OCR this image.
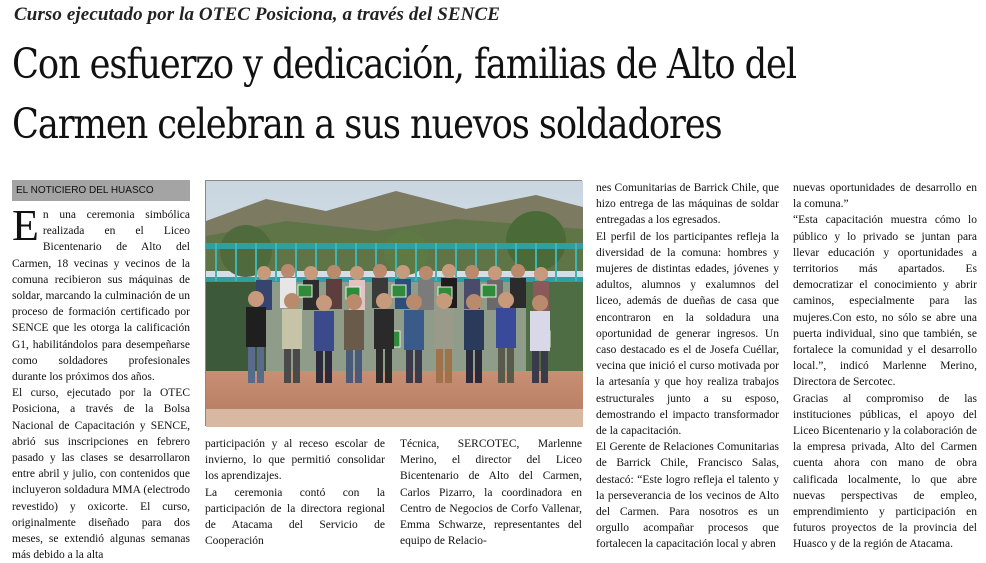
Curso ejecutado por la OTEC Posiciona, a través del SENCE
Con esfuerzo y dedicación, familias de Alto del
Carmen celebran a sus nuevos soldadores
EL NOTICIERO DEL HUASCO

En una ceremonia simbólica realizada en el Liceo Bicentenario de Alto del Carmen, 18 vecinas y vecinos de la comuna recibieron sus máquinas de soldar, marcando la culminación de un proceso de formación certificado por SENCE que les otorga la calificación G1, habilitándolos para desempeñarse como soldadores profesionales durante los próximos dos años.

El curso, ejecutado por la OTEC Posiciona, a través de la Bolsa Nacional de Capacitación y SENCE, abrió sus inscripciones en febrero pasado y las clases se desarrollaron entre abril y julio, con contenidos que incluyeron soldadura MMA (electrodo revestido) y oxicorte. El curso, originalmente diseñado para dos meses, se extendió algunas semanas más debido a la alta

participación y al receso escolar de invierno, lo que permitió consolidar los aprendizajes.

La ceremonia contó con la participación de la directora regional de Atacama del Servicio de Cooperación

Técnica, SERCOTEC, Marlenne Merino, el director del Liceo Bicentenario de Alto del Carmen, Carlos Pizarro, la coordinadora en Centro de Negocios de Corfo Vallenar, Emma Schwarze, representantes del equipo de Relacio-

nes Comunitarias de Barrick Chile, que hizo entrega de las máquinas de soldar entregadas a los egresados.

El perfil de los participantes refleja la diversidad de la comuna: hombres y mujeres de distintas edades, jóvenes y adultos, alumnos y exalumnos del liceo, además de dueñas de casa que encontraron en la soldadura una oportunidad de generar ingresos. Un caso destacado es el de Josefa Cuéllar, vecina que inició el curso motivada por la artesanía y que hoy realiza trabajos estructurales junto a su esposo, demostrando el impacto transformador de la capacitación.

El Gerente de Relaciones Comunitarias de Barrick Chile, Francisco Salas, destacó: “Este logro refleja el talento y la perseverancia de los vecinos de Alto del Carmen. Para nosotros es un orgullo acompañar procesos que fortalecen la capacitación local y abren

nuevas oportunidades de desarrollo en la comuna.”

“Esta capacitación muestra cómo lo público y lo privado se juntan para llevar educación y oportunidades a territorios más apartados. Es democratizar el conocimiento y abrir caminos, especialmente para las mujeres.Con esto, no sólo se abre una puerta individual, sino que también, se fortalece la comunidad y el desarrollo local.”, indicó Marlenne Merino, Directora de Sercotec.

Gracias al compromiso de las instituciones públicas, el apoyo del Liceo Bicentenario y la colaboración de la empresa privada, Alto del Carmen cuenta ahora con mano de obra calificada localmente, lo que abre nuevas perspectivas de empleo, emprendimiento y participación en futuros proyectos de la provincia del Huasco y de la región de Atacama.
